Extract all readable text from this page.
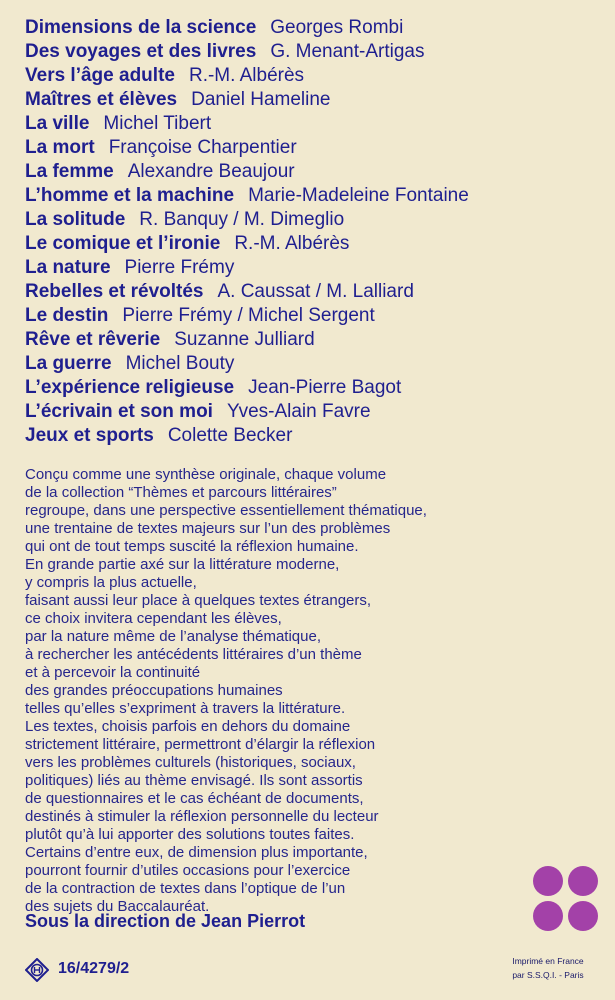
Dimensions de la science Georges Rombi
Des voyages et des livres G. Menant-Artigas
Vers l’âge adulte R.-M. Albérès
Maîtres et élèves Daniel Hameline
La ville Michel Tibert
La mort Françoise Charpentier
La femme Alexandre Beaujour
L’homme et la machine Marie-Madeleine Fontaine
La solitude R. Banquy / M. Dimeglio
Le comique et l’ironie R.-M. Albérès
La nature Pierre Frémy
Rebelles et révoltés A. Caussat / M. Lalliard
Le destin Pierre Frémy / Michel Sergent
Rêve et rêverie Suzanne Julliard
La guerre Michel Bouty
L’expérience religieuse Jean-Pierre Bagot
L’écrivain et son moi Yves-Alain Favre
Jeux et sports Colette Becker
Conçu comme une synthèse originale, chaque volume
de la collection “Thèmes et parcours littéraires”
regroupe, dans une perspective essentiellement thématique,
une trentaine de textes majeurs sur l’un des problèmes
qui ont de tout temps suscité la réflexion humaine.
En grande partie axé sur la littérature moderne,
y compris la plus actuelle,
faisant aussi leur place à quelques textes étrangers,
ce choix invitera cependant les élèves,
par la nature même de l’analyse thématique,
à rechercher les antécédents littéraires d’un thème
et à percevoir la continuité
des grandes préoccupations humaines
telles qu’elles s’expriment à travers la littérature.
Les textes, choisis parfois en dehors du domaine
strictement littéraire, permettront d’élargir la réflexion
vers les problèmes culturels (historiques, sociaux,
politiques) liés au thème envisagé. Ils sont assortis
de questionnaires et le cas échéant de documents,
destinés à stimuler la réflexion personnelle du lecteur
plutôt qu’à lui apporter des solutions toutes faites.
Certains d’entre eux, de dimension plus importante,
pourront fournir d’utiles occasions pour l’exercice
de la contraction de textes dans l’optique de l’un
des sujets du Baccalauréat.
Sous la direction de Jean Pierrot
16/4279/2	Imprimé en France
par S.S.Q.I. - Paris
